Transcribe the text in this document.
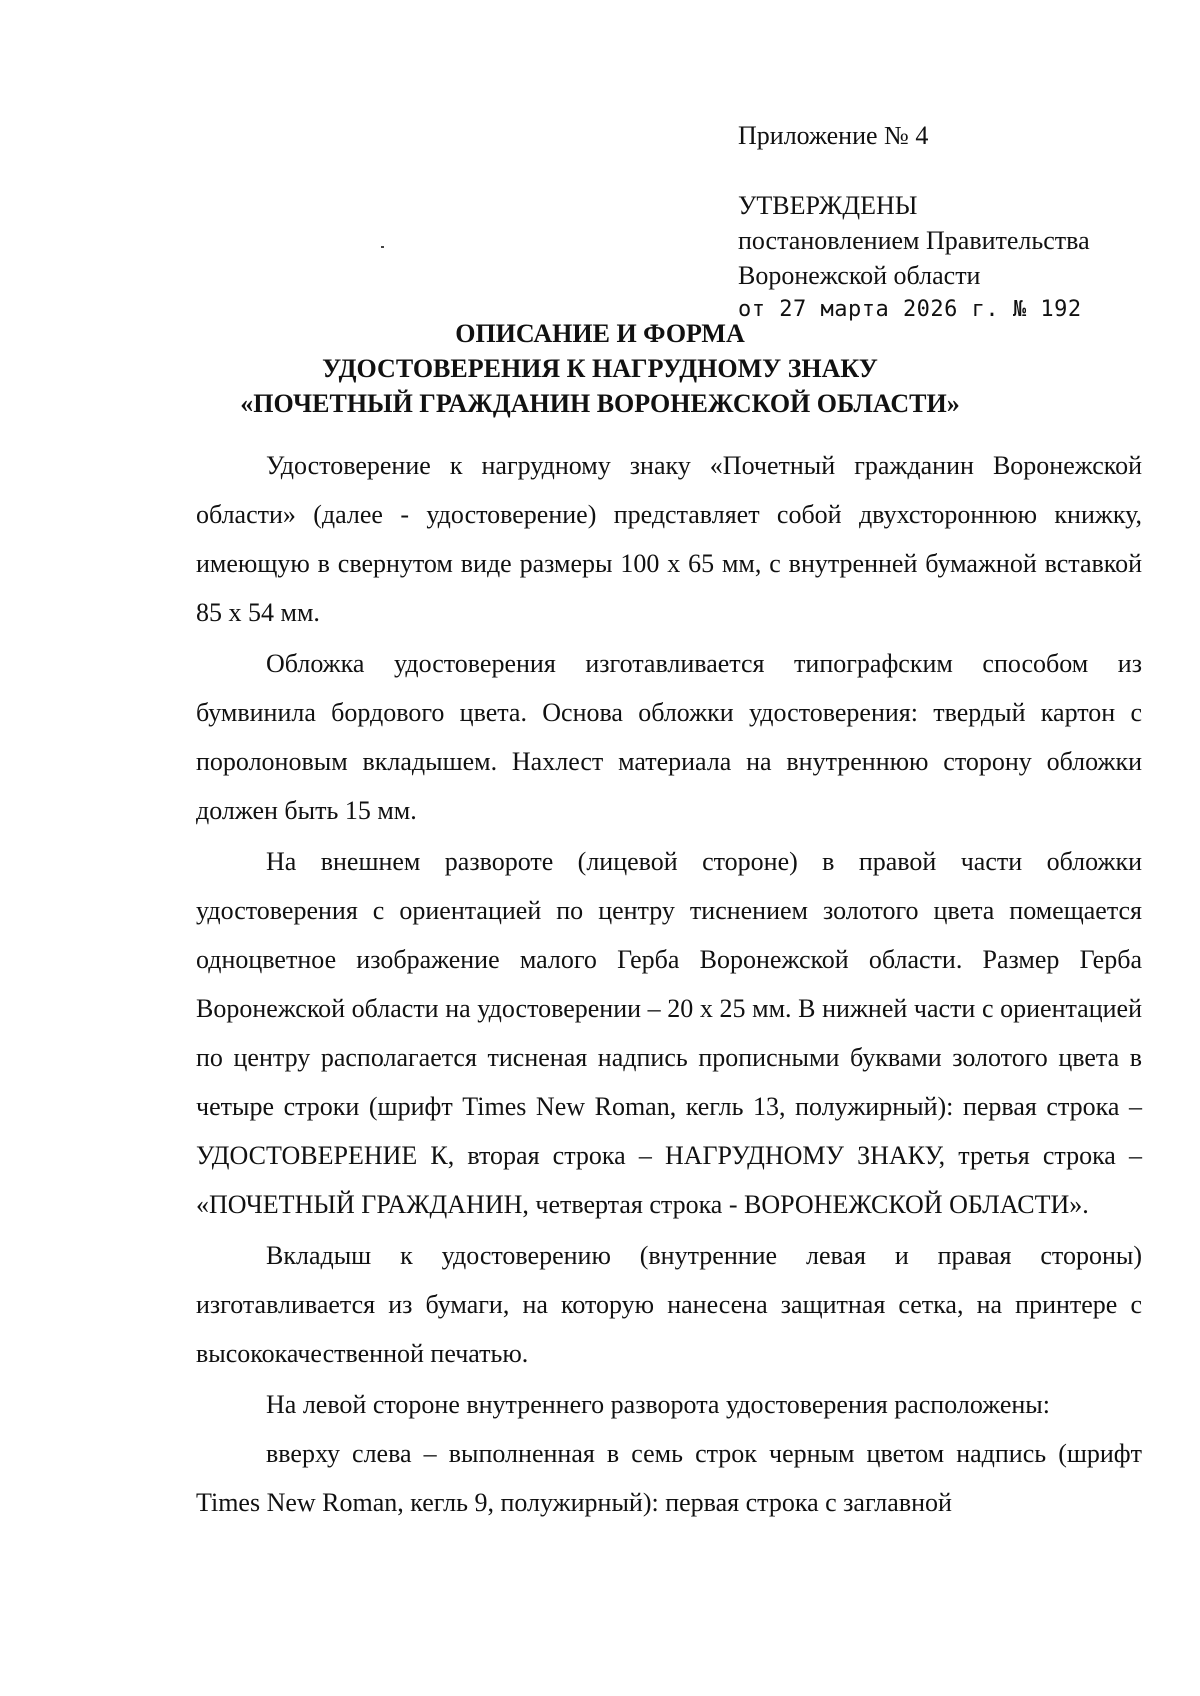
Приложение № 4

УТВЕРЖДЕНЫ

постановлением Правительства

Воронежской области

от 27 марта 2026 г. № 192

ОПИСАНИЕ И ФОРМА
УДОСТОВЕРЕНИЯ К НАГРУДНОМУ ЗНАКУ
«ПОЧЕТНЫЙ ГРАЖДАНИН ВОРОНЕЖСКОЙ ОБЛАСТИ»

Удостоверение к нагрудному знаку «Почетный гражданин Воронежской области» (далее - удостоверение) представляет собой двухстороннюю книжку, имеющую в свернутом виде размеры 100 х 65 мм, с внутренней бумажной вставкой 85 х 54 мм.

Обложка удостоверения изготавливается типографским способом из бумвинила бордового цвета. Основа обложки удостоверения: твердый картон с поролоновым вкладышем. Нахлест материала на внутреннюю сторону обложки должен быть 15 мм.

На внешнем развороте (лицевой стороне) в правой части обложки удостоверения с ориентацией по центру тиснением золотого цвета помещается одноцветное изображение малого Герба Воронежской области. Размер Герба Воронежской области на удостоверении – 20 х 25 мм. В нижней части с ориентацией по центру располагается тисненая надпись прописными буквами золотого цвета в четыре строки (шрифт Times New Roman, кегль 13, полужирный): первая строка – УДОСТОВЕРЕНИЕ К, вторая строка – НАГРУДНОМУ ЗНАКУ, третья строка – «ПОЧЕТНЫЙ ГРАЖДАНИН, четвертая строка - ВОРОНЕЖСКОЙ ОБЛАСТИ».

Вкладыш к удостоверению (внутренние левая и правая стороны) изготавливается из бумаги, на которую нанесена защитная сетка, на принтере с высококачественной печатью.

На левой стороне внутреннего разворота удостоверения расположены:

вверху слева – выполненная в семь строк черным цветом надпись (шрифт Times New Roman, кегль 9, полужирный): первая строка с заглавной
